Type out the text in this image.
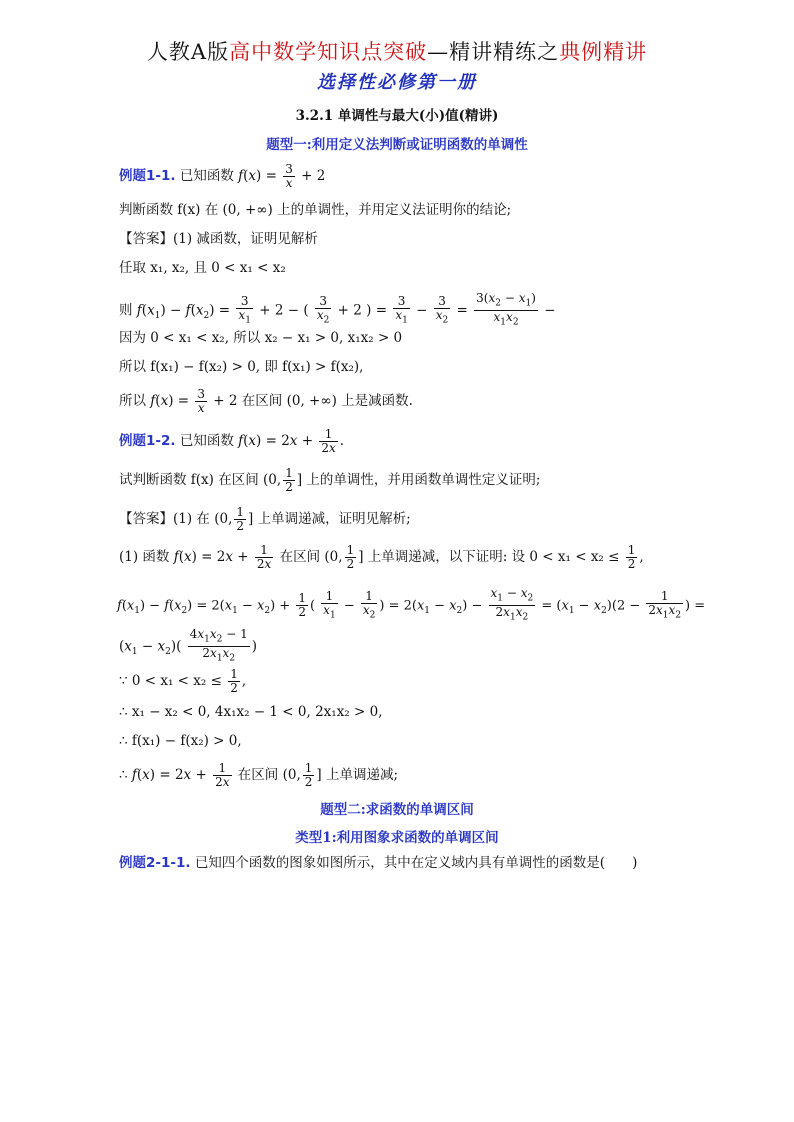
人教A版高中数学知识点突破—精讲精练之典例精讲
选择性必修第一册
3.2.1 单调性与最大(小)值(精讲)
题型一:利用定义法判断或证明函数的单调性
例题1-1. 已知函数 $f(x) = \frac{3}{x} + 2$
判断函数 f(x) 在 (0, +∞) 上的单调性，并用定义法证明你的结论;
【答案】(1) 减函数，证明见解析
任取 x₁, x₂, 且 0 < x₁ < x₂
则 $f(x_1) - f(x_2) = \frac{3}{x_1} + 2$ − ( $\frac{3}{x_2} + 2$ ) = $\frac{3}{x_1} - \frac{3}{x_2} = \frac{3(x_2 - x_1)}{x_1x_2}$ −
因为 0 < x₁ < x₂, 所以 x₂ − x₁ > 0, x₁x₂ > 0
所以 f(x₁) − f(x₂) > 0, 即 f(x₁) > f(x₂),
所以 $f(x) = \frac{3}{x} + 2$ 在区间 (0, +∞) 上是减函数.
例题1-2. 已知函数 $f(x) = 2x + \frac{1}{2x}$ .
试判断函数 f(x) 在区间 (0, $\frac{1}{2}$ ] 上的单调性，并用函数单调性定义证明;
【答案】(1) 在 (0, $\frac{1}{2}$ ] 上单调递减，证明见解析;
(1) 函数 $f(x) = 2x + \frac{1}{2x}$ 在区间 (0, $\frac{1}{2}$ ] 上单调递减，以下证明: 设 $0 < x_1 < x_2 \le \frac{1}{2}$ ,
$f(x_1) - f(x_2) = 2(x_1 - x_2) + \frac{1}{2}$ ( $\frac{1}{x_1} - \frac{1}{x_2}$ ) = $2(x_1 - x_2) - \frac{x_1 - x_2}{2x_1x_2} = (x_1 - x_2)(2 - \frac{1}{2x_1x_2}$ ) =
$(x_1 - x_2)( \frac{4x_1x_2 - 1}{2x_1x_2}$ )
∵ $0 < x_1 < x_2 \le \frac{1}{2}$ ,
∴ x₁ − x₂ < 0, 4x₁x₂ − 1 < 0, 2x₁x₂ > 0,
∴ f(x₁) − f(x₂) > 0,
∴ $f(x) = 2x + \frac{1}{2x}$ 在区间 (0, $\frac{1}{2}$ ] 上单调递减;
题型二:求函数的单调区间
类型1:利用图象求函数的单调区间
例题2-1-1. 已知四个函数的图象如图所示，其中在定义域内具有单调性的函数是(　　)
